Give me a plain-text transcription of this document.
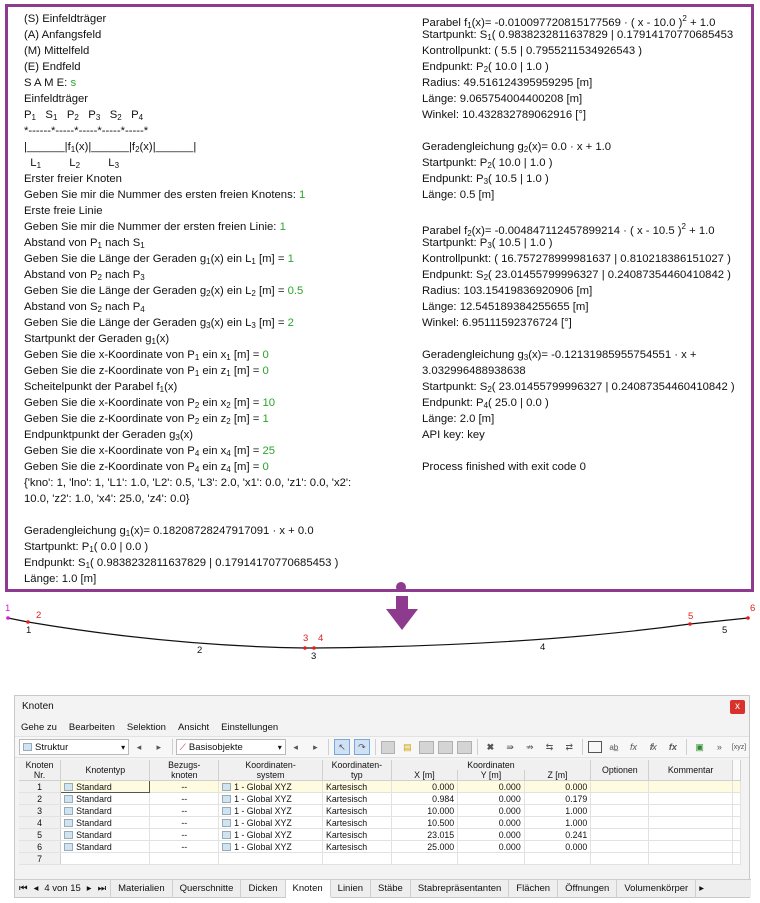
(S) Einfeldträger
(A) Anfangsfeld
(M) Mittelfeld
(E) Endfeld
S A M E: s
Einfeldträger
$P_1$ $S_1$ $P_2$ $P_3$ $S_2$ $P_4$
*------*-----*-----*-----*-----*
$|\_\_\_\_\_\_|f_1(x)|\_\_\_\_\_\_|f_2(x)|\_\_\_\_\_\_|$
$L_1$	$L_2$	$L_3$
Erster freier Knoten
Geben Sie mir die Nummer des ersten freien Knotens: 1
Erste freie Linie
Geben Sie mir die Nummer der ersten freien Linie: 1
Abstand von $P_1$ nach $S_1$
Geben Sie die Länge der Geraden $g_1(x)$ ein $L_1$ [m] = 1
Abstand von $P_2$ nach $P_3$
Geben Sie die Länge der Geraden $g_2(x)$ ein $L_2$ [m] = 0.5
Abstand von $S_2$ nach $P_4$
Geben Sie die Länge der Geraden $g_3(x)$ ein $L_3$ [m] = 2
Startpunkt der Geraden $g_1(x)$
Geben Sie die x-Koordinate von $P_1$ ein $x_1$ [m] = 0
Geben Sie die z-Koordinate von $P_1$ ein $z_1$ [m] = 0
Scheitelpunkt der Parabel $f_1(x)$
Geben Sie die x-Koordinate von $P_2$ ein $x_2$ [m] = 10
Geben Sie die z-Koordinate von $P_2$ ein $z_2$ [m] = 1
Endpunktpunkt der Geraden $g_3(x)$
Geben Sie die x-Koordinate von $P_4$ ein $x_4$ [m] = 25
Geben Sie die z-Koordinate von $P_4$ ein $z_4$ [m] = 0
{'kno': 1, 'lno': 1, 'L1': 1.0, 'L2': 0.5, 'L3': 2.0, 'x1': 0.0, 'z1': 0.0, 'x2':
10.0, 'z2': 1.0, 'x4': 25.0, 'z4': 0.0}
Geradengleichung $g_1(x)= 0.18208728247917091 \cdot x + 0.0$
Startpunkt: $P_1$( 0.0 | 0.0 )
Endpunkt: $S_1$( 0.9838232811637829 | 0.17914170770685453 )
Länge: 1.0 [m]
Parabel $f_1(x)= -0.010097720815177569$ · ( x - 10.0 )$^2$ + 1.0
Startpunkt: $S_1$( 0.9838232811637829 | 0.17914170770685453
Kontrollpunkt: ( 5.5 | 0.7955211534926543 )
Endpunkt: $P_2$( 10.0 | 1.0 )
Radius: 49.516124395959295 [m]
Länge: 9.065754004400208 [m]
Winkel: 10.432832789062916 [°]
Geradengleichung $g_2(x)= 0.0 \cdot x + 1.0$
Startpunkt: $P_2$( 10.0 | 1.0 )
Endpunkt: $P_3$( 10.5 | 1.0 )
Länge: 0.5 [m]
Parabel $f_2(x)= -0.004847112457899214$ · ( x - 10.5 )$^2$ + 1.0
Startpunkt: $P_3$( 10.5 | 1.0 )
Kontrollpunkt: ( 16.757278999981637 | 0.810218386151027 )
Endpunkt: $S_2$( 23.01455799996327 | 0.24087354460410842 )
Radius: 103.15419836920906 [m]
Länge: 12.545189384255655 [m]
Winkel: 6.95111592376724 [°]
Geradengleichung $g_3(x)= -0.12131985955754551 \cdot x$ +
3.032996488938638
Startpunkt: $S_2$( 23.01455799996327 | 0.24087354460410842 )
Endpunkt: $P_4$( 25.0 | 0.0 )
Länge: 2.0 [m]
API key: key
Process finished with exit code 0
1
2
3 4
5
6
1
2
3
4
5
Knoten	x
Gehe zu Bearbeiten Selektion Ansicht Einstellungen
Struktur	▾	◂	▸	⟋ Basisobjekte	▾	◂	▸	↖	↷	▤	✖	⇛	⇏	⇆	⇄	ab̲	fx	f̸x	fx	▣	»	[xyz]
Knoten
Nr.	Knotentyp	Bezugs-
knoten	Koordinaten-
system	Koordinaten-
typ	Koordinaten			Optionen	Kommentar	
					X [m]	Y [m]	Z [m]			
1	Standard	--	1 - Global XYZ	Kartesisch	0.000	0.000	0.000			
2	Standard	--	1 - Global XYZ	Kartesisch	0.984	0.000	0.179			
3	Standard	--	1 - Global XYZ	Kartesisch	10.000	0.000	1.000			
4	Standard	--	1 - Global XYZ	Kartesisch	10.500	0.000	1.000			
5	Standard	--	1 - Global XYZ	Kartesisch	23.015	0.000	0.241			
6	Standard	--	1 - Global XYZ	Kartesisch	25.000	0.000	0.000			
7										
⏮ ◂ 4 von 15 ▸ ⏭	Materialien	Querschnitte	Dicken	Knoten	Linien	Stäbe	Stabrepräsentanten	Flächen	Öffnungen	Volumenkörper	▸
